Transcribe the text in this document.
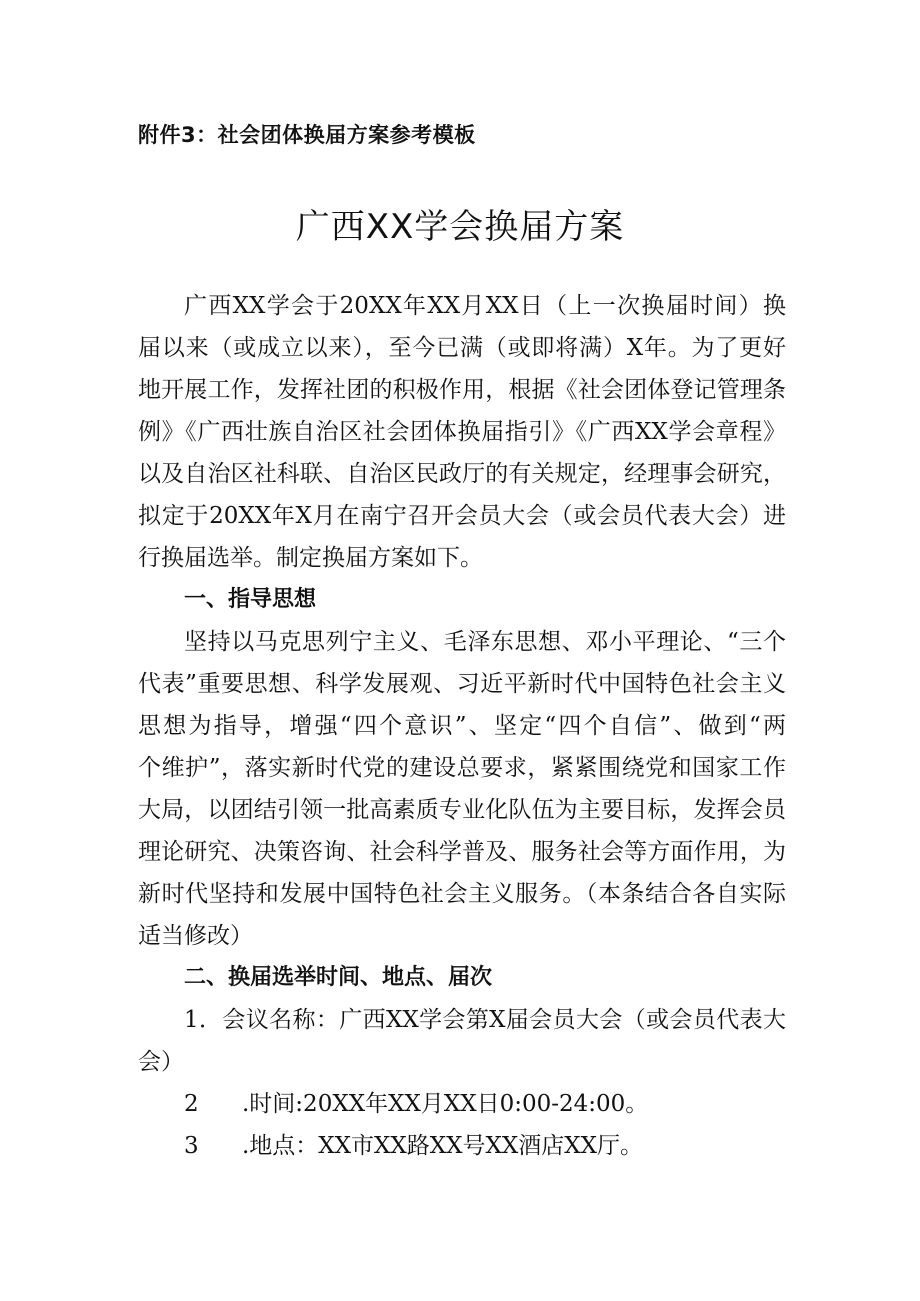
附件3：社会团体换届方案参考模板
广西XX学会换届方案
广西XX学会于20XX年XX月XX日（上一次换届时间）换
届以来（或成立以来），至今已满（或即将满）X年。为了更好
地开展工作，发挥社团的积极作用，根据《社会团体登记管理条
例》《广西壮族自治区社会团体换届指引》《广西XX学会章程》
以及自治区社科联、自治区民政厅的有关规定，经理事会研究，
拟定于20XX年X月在南宁召开会员大会（或会员代表大会）进
行换届选举。制定换届方案如下。
一、指导思想
坚持以马克思列宁主义、毛泽东思想、邓小平理论、“三个
代表”重要思想、科学发展观、习近平新时代中国特色社会主义
思想为指导，增强“四个意识”、坚定“四个自信”、做到“两
个维护”，落实新时代党的建设总要求，紧紧围绕党和国家工作
大局，以团结引领一批高素质专业化队伍为主要目标，发挥会员
理论研究、决策咨询、社会科学普及、服务社会等方面作用，为
新时代坚持和发展中国特色社会主义服务。（本条结合各自实际
适当修改）
二、换届选举时间、地点、届次
1．会议名称：广西XX学会第X届会员大会（或会员代表大
会）
2 .时间:20XX年XX月XX日0:00-24:00。
3 .地点：XX市XX路XX号XX酒店XX厅。
